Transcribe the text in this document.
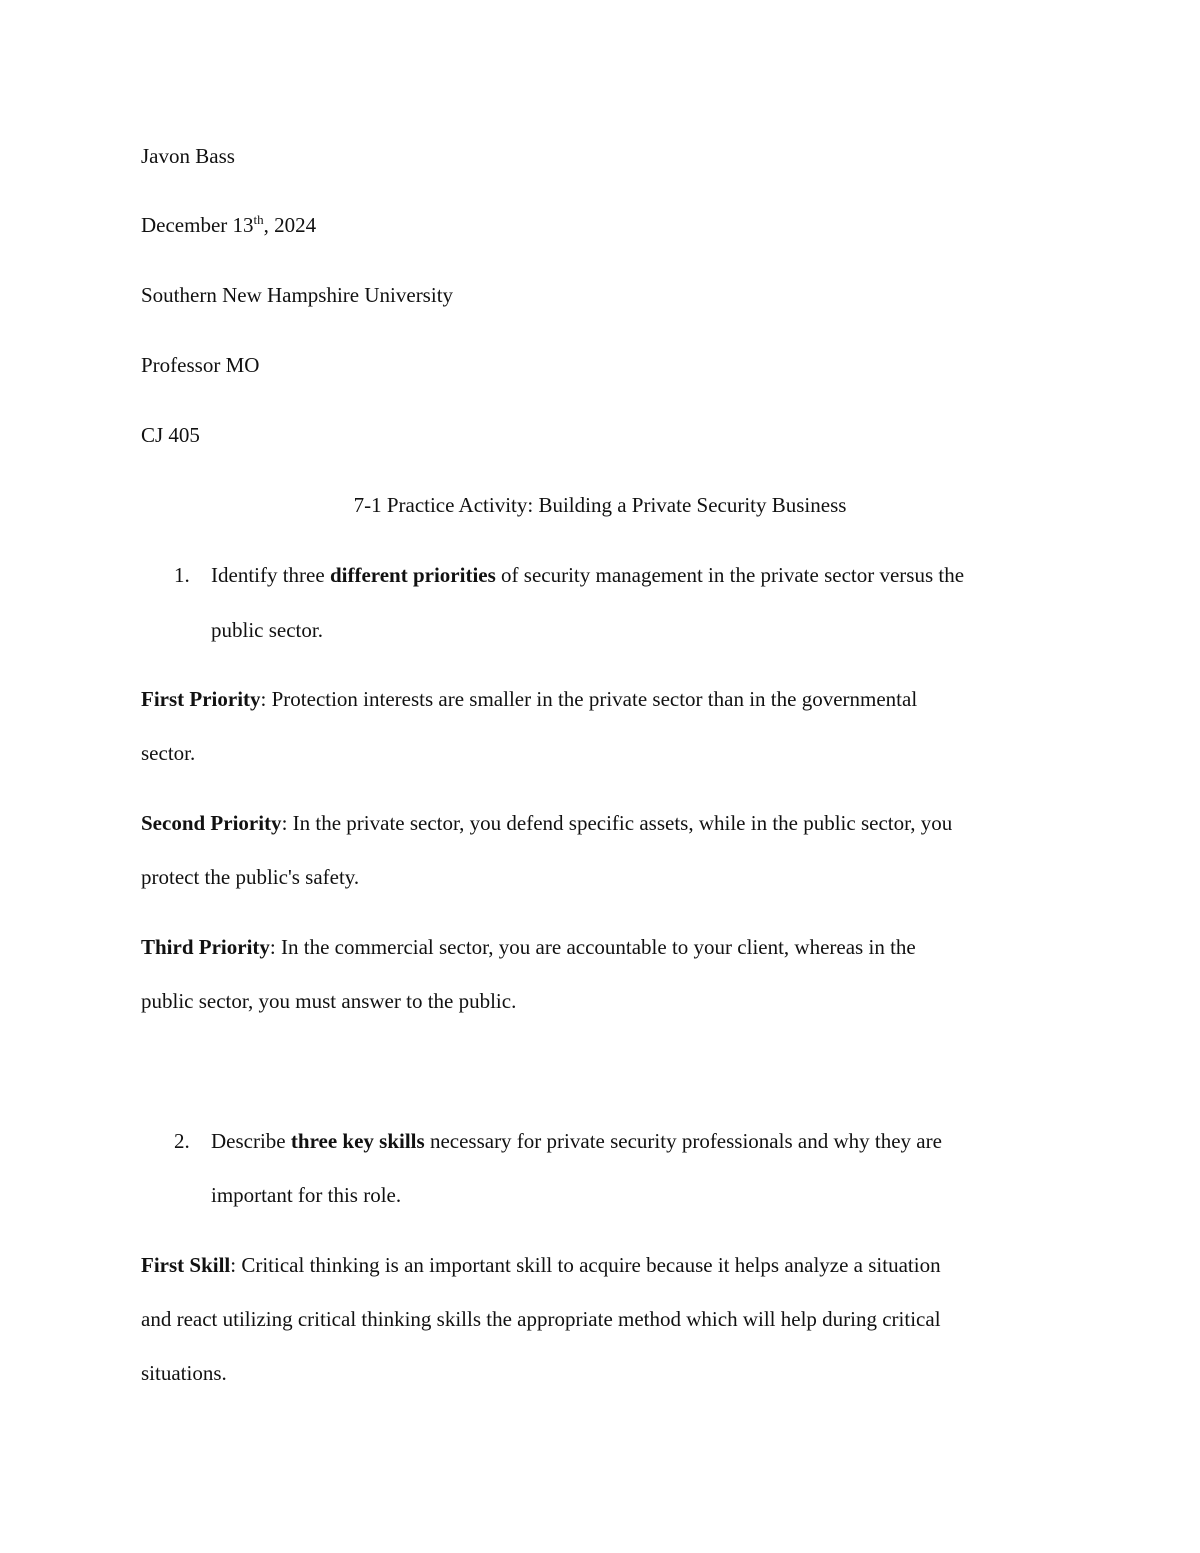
Javon Bass

December 13th, 2024

Southern New Hampshire University

Professor MO

CJ 405

7-1 Practice Activity: Building a Private Security Business

1. Identify three different priorities of security management in the private sector versus the

public sector.

First Priority: Protection interests are smaller in the private sector than in the governmental

sector.

Second Priority: In the private sector, you defend specific assets, while in the public sector, you

protect the public's safety.

Third Priority: In the commercial sector, you are accountable to your client, whereas in the

public sector, you must answer to the public.

2. Describe three key skills necessary for private security professionals and why they are

important for this role.

First Skill: Critical thinking is an important skill to acquire because it helps analyze a situation

and react utilizing critical thinking skills the appropriate method which will help during critical

situations.
